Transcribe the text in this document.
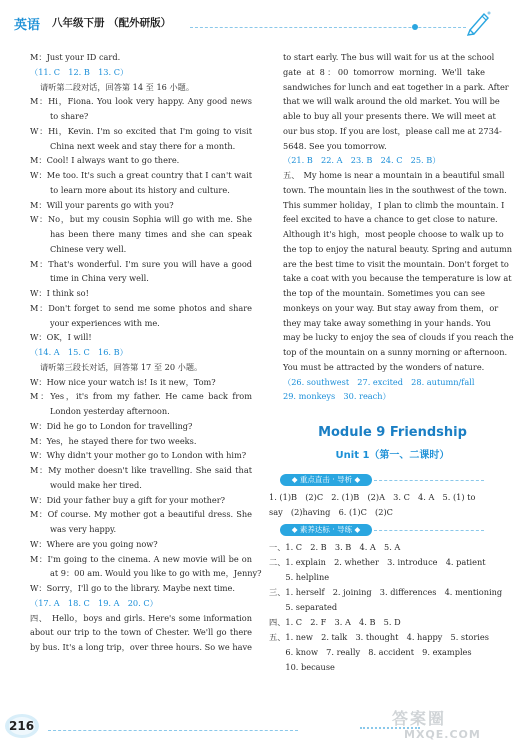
英语 八年级下册 （配外研版）
M：Just your ID card.
（11. C　12. B　13. C）
请听第二段对话，回答第 14 至 16 小题。
M：Hi，Fiona. You look very happy. Any good news
to share?
W：Hi，Kevin. I'm so excited that I'm going to visit
China next week and stay there for a month.
M：Cool! I always want to go there.
W：Me too. It's such a great country that I can't wait
to learn more about its history and culture.
M：Will your parents go with you?
W：No，but my cousin Sophia will go with me. She
has been there many times and she can speak
Chinese very well.
M：That's wonderful. I'm sure you will have a good
time in China very well.
W：I think so!
M：Don't forget to send me some photos and share
your experiences with me.
W：OK，I will!
（14. A　15. C　16. B）
请听第三段长对话，回答第 17 至 20 小题。
W：How nice your watch is! Is it new，Tom?
M：Yes，it's from my father. He came back from
London yesterday afternoon.
W：Did he go to London for travelling?
M：Yes，he stayed there for two weeks.
W：Why didn't your mother go to London with him?
M：My mother doesn't like travelling. She said that
would make her tired.
W：Did your father buy a gift for your mother?
M：Of course. My mother got a beautiful dress. She
was very happy.
W：Where are you going now?
M：I'm going to the cinema. A new movie will be on
at 9：00 am. Would you like to go with me，Jenny?
W：Sorry，I'll go to the library. Maybe next time.
（17. A　18. C　19. A　20. C）
四、　Hello，boys and girls. Here's some information
about our trip to the town of Chester. We'll go there
by bus. It's a long trip，over three hours. So we have
to start early. The bus will wait for us at the school
gate at 8：00 tomorrow morning. We'll take
sandwiches for lunch and eat together in a park. After
that we will walk around the old market. You will be
able to buy all your presents there. We will meet at
our bus stop. If you are lost，please call me at 2734-
5648. See you tomorrow.
（21. B　22. A　23. B　24. C　25. B）
五、　My home is near a mountain in a beautiful small
town. The mountain lies in the southwest of the town.
This summer holiday，I plan to climb the mountain. I
feel excited to have a chance to get close to nature.
Although it's high，most people choose to walk up to
the top to enjoy the natural beauty. Spring and autumn
are the best time to visit the mountain. Don't forget to
take a coat with you because the temperature is low at
the top of the mountain. Sometimes you can see
monkeys on your way. But stay away from them，or
they may take away something in your hands. You
may be lucky to enjoy the sea of clouds if you reach the
top of the mountain on a sunny morning or afternoon.
You must be attracted by the wonders of nature.
（26. southwest　27. excited　28. autumn/fall
29. monkeys　30. reach）
Module 9 Friendship
Unit 1（第一、二课时）
◆ 重点直击 · 导析 ◆
1. (1)B　(2)C　2. (1)B　(2)A　3. C　4. A　5. (1) to
say　(2)having　6. (1)C　(2)C
◆ 素养达标 · 导练 ◆
一、1. C　2. B　3. B　4. A　5. A
二、1. explain　2. whether　3. introduce　4. patient
　　5. helpline
三、1. herself　2. joining　3. differences　4. mentioning
　　5. separated
四、1. C　2. F　3. A　4. B　5. D
五、1. new　2. talk　3. thought　4. happy　5. stories
　　6. know　7. really　8. accident　9. examples
　　10. because
216	答案圈
MXQE.COM
